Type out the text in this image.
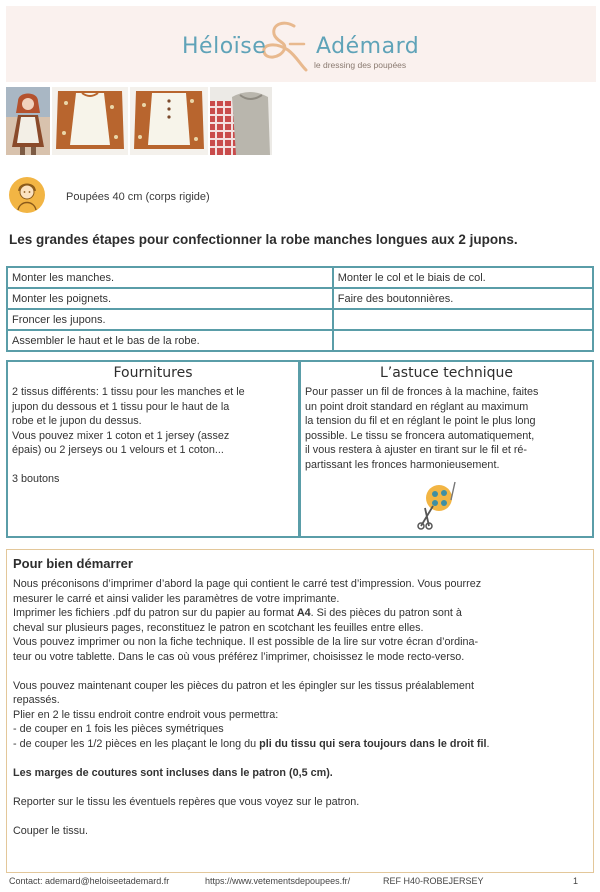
Héloïse Adémard
le dressing des poupées
Poupées 40 cm (corps rigide)
Les grandes étapes pour confectionner la robe manches longues aux 2 jupons.
Monter les manches.	Monter le col et le biais de col.
Monter les poignets.	Faire des boutonnières.
Froncer les jupons.	
Assembler le haut et le bas de la robe.	
Fournitures
2 tissus différents: 1 tissu pour les manches et le
jupon du dessous et 1 tissu pour le haut de la
robe et le jupon du dessus.
Vous pouvez mixer 1 coton et 1 jersey (assez
épais) ou 2 jerseys ou 1 velours et 1 coton...
3 boutons
L’astuce technique
Pour passer un fil de fronces à la machine, faites
un point droit standard en réglant au maximum
la tension du fil et en réglant le point le plus long
possible. Le tissu se froncera automatiquement,
il vous restera à ajuster en tirant sur le fil et ré-
partissant les fronces harmonieusement.
Pour bien démarrer

Nous préconisons d’imprimer d’abord la page qui contient le carré test d’impression. Vous pourrez

mesurer le carré et ainsi valider les paramètres de votre imprimante.

Imprimer les fichiers .pdf du patron sur du papier au format A4. Si des pièces du patron sont à

cheval sur plusieurs pages, reconstituez le patron en scotchant les feuilles entre elles.

Vous pouvez imprimer ou non la fiche technique. Il est possible de la lire sur votre écran d’ordina-

teur ou votre tablette. Dans le cas où vous préférez l’imprimer, choisissez le mode recto-verso.

Vous pouvez maintenant couper les pièces du patron et les épingler sur les tissus préalablement

repassés.

Plier en 2 le tissu endroit contre endroit vous permettra:

- de couper en 1 fois les pièces symétriques

- de couper les 1/2 pièces en les plaçant le long du pli du tissu qui sera toujours dans le droit fil.

Les marges de coutures sont incluses dans le patron (0,5 cm).

Reporter sur le tissu les éventuels repères que vous voyez sur le patron.

Couper le tissu.

Contact: ademard@heloiseetademard.fr	https://www.vetementsdepoupees.fr/	REF H40-ROBEJERSEY	1
